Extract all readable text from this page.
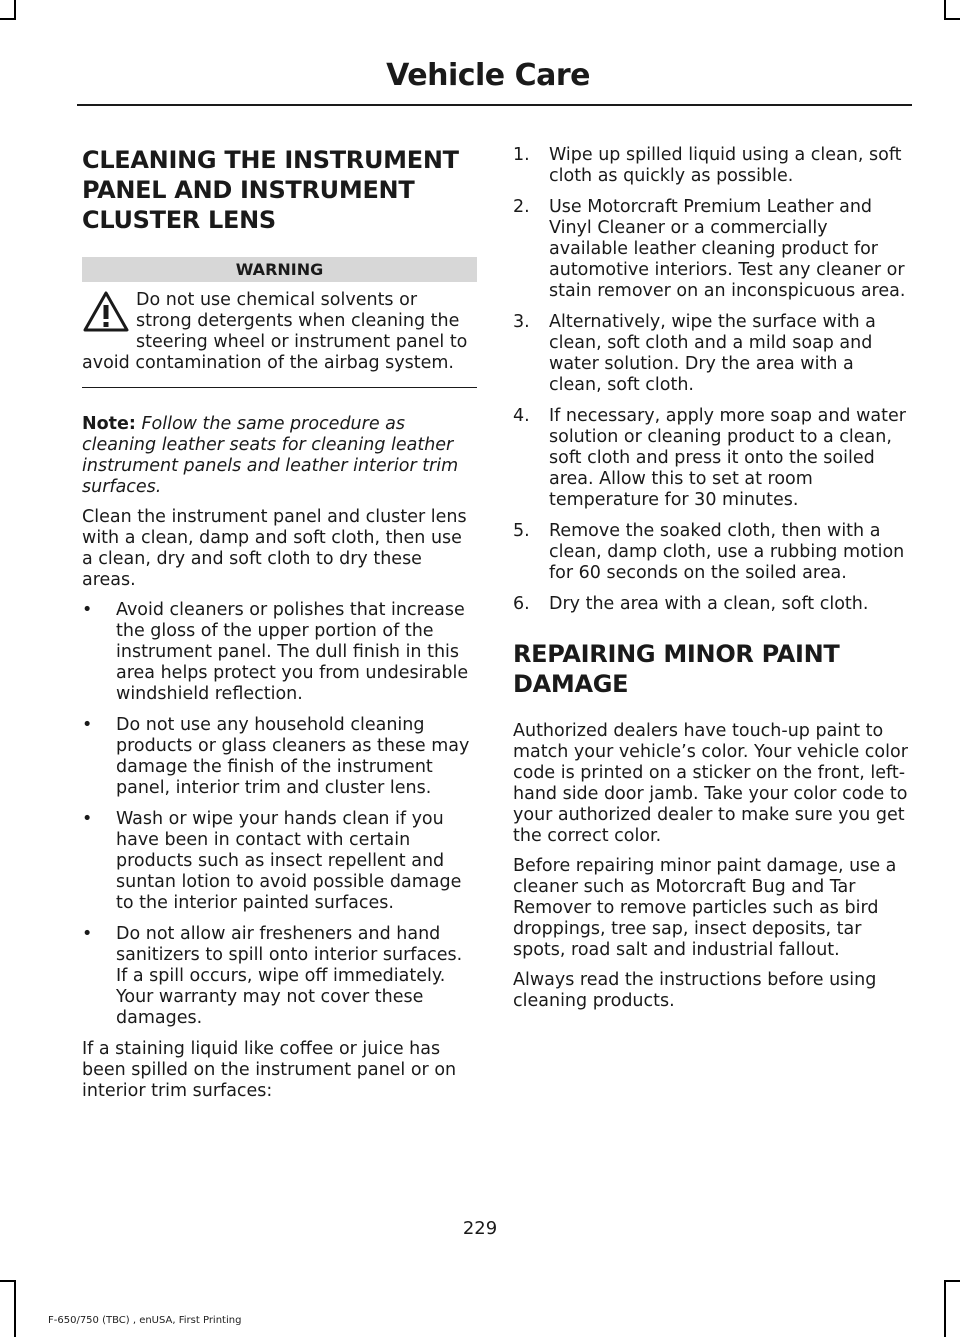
Vehicle Care
CLEANING THE INSTRUMENT PANEL AND INSTRUMENT CLUSTER LENS
WARNING
Do not use chemical solvents or strong detergents when cleaning the steering wheel or instrument panel to avoid contamination of the airbag system.

Note: Follow the same procedure as cleaning leather seats for cleaning leather instrument panels and leather interior trim surfaces.

Clean the instrument panel and cluster lens with a clean, damp and soft cloth, then use a clean, dry and soft cloth to dry these areas.

• Avoid cleaners or polishes that increase the gloss of the upper portion of the instrument panel. The dull finish in this area helps protect you from undesirable windshield reflection.
• Do not use any household cleaning products or glass cleaners as these may damage the finish of the instrument panel, interior trim and cluster lens.
• Wash or wipe your hands clean if you have been in contact with certain products such as insect repellent and suntan lotion to avoid possible damage to the interior painted surfaces.
• Do not allow air fresheners and hand sanitizers to spill onto interior surfaces. If a spill occurs, wipe off immediately. Your warranty may not cover these damages.

If a staining liquid like coffee or juice has been spilled on the instrument panel or on interior trim surfaces:

1. Wipe up spilled liquid using a clean, soft cloth as quickly as possible.
2. Use Motorcraft Premium Leather and Vinyl Cleaner or a commercially available leather cleaning product for automotive interiors. Test any cleaner or stain remover on an inconspicuous area.
3. Alternatively, wipe the surface with a clean, soft cloth and a mild soap and water solution. Dry the area with a clean, soft cloth.
4. If necessary, apply more soap and water solution or cleaning product to a clean, soft cloth and press it onto the soiled area. Allow this to set at room temperature for 30 minutes.
5. Remove the soaked cloth, then with a clean, damp cloth, use a rubbing motion for 60 seconds on the soiled area.
6. Dry the area with a clean, soft cloth.
REPAIRING MINOR PAINT DAMAGE

Authorized dealers have touch-up paint to match your vehicle’s color. Your vehicle color code is printed on a sticker on the front, left-hand side door jamb. Take your color code to your authorized dealer to make sure you get the correct color.

Before repairing minor paint damage, use a cleaner such as Motorcraft Bug and Tar Remover to remove particles such as bird droppings, tree sap, insect deposits, tar spots, road salt and industrial fallout.

Always read the instructions before using cleaning products.

229
F-650/750 (TBC) , enUSA, First Printing
